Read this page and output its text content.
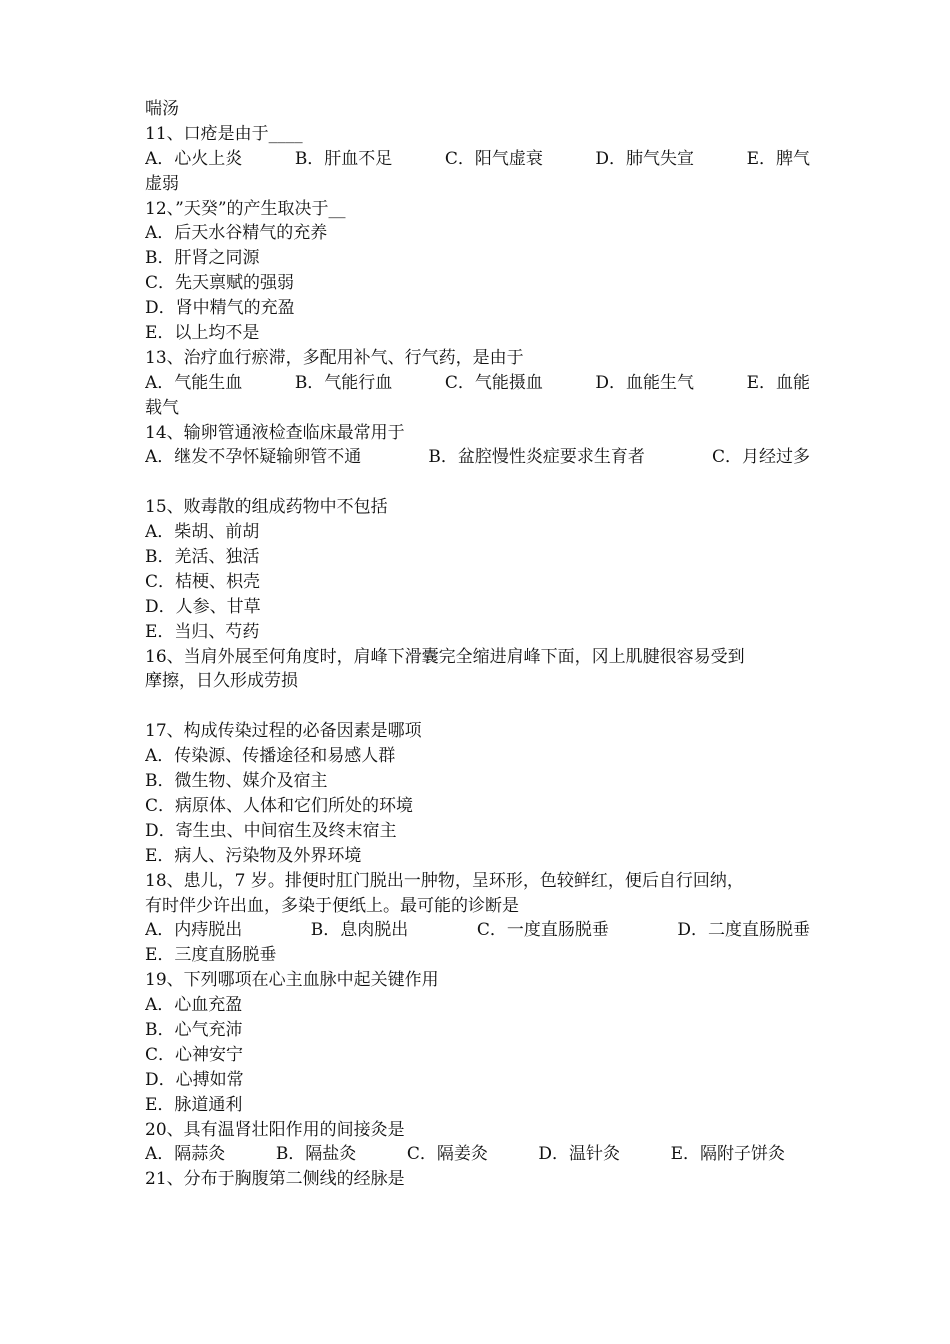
喘汤
11、口疮是由于____
A．心火上炎	B．肝血不足	C．阳气虚衰	D．肺气失宣	E．脾气
虚弱
12、”天癸”的产生取决于__
A．后天水谷精气的充养
B．肝肾之同源
C．先天禀赋的强弱
D．肾中精气的充盈
E．以上均不是
13、治疗血行瘀滞，多配用补气、行气药，是由于
A．气能生血	B．气能行血	C．气能摄血	D．血能生气	E．血能
载气
14、输卵管通液检查临床最常用于
A．继发不孕怀疑输卵管不通	B．盆腔慢性炎症要求生育者	C．月经过多

15、败毒散的组成药物中不包括
A．柴胡、前胡
B．羌活、独活
C．桔梗、枳壳
D．人参、甘草
E．当归、芍药
16、当肩外展至何角度时，肩峰下滑囊完全缩进肩峰下面，冈上肌腱很容易受到
摩擦，日久形成劳损

17、构成传染过程的必备因素是哪项
A．传染源、传播途径和易感人群
B．微生物、媒介及宿主
C．病原体、人体和它们所处的环境
D．寄生虫、中间宿生及终末宿主
E．病人、污染物及外界环境
18、患儿，7 岁。排便时肛门脱出一肿物，呈环形，色较鲜红，便后自行回纳，
有时伴少许出血，多染于便纸上。最可能的诊断是
A．内痔脱出	B．息肉脱出	C．一度直肠脱垂	D．二度直肠脱垂
E．三度直肠脱垂
19、下列哪项在心主血脉中起关键作用
A．心血充盈
B．心气充沛
C．心神安宁
D．心搏如常
E．脉道通利
20、具有温肾壮阳作用的间接灸是
A．隔蒜灸	B．隔盐灸	C．隔姜灸	D．温针灸	E．隔附子饼灸
21、分布于胸腹第二侧线的经脉是
